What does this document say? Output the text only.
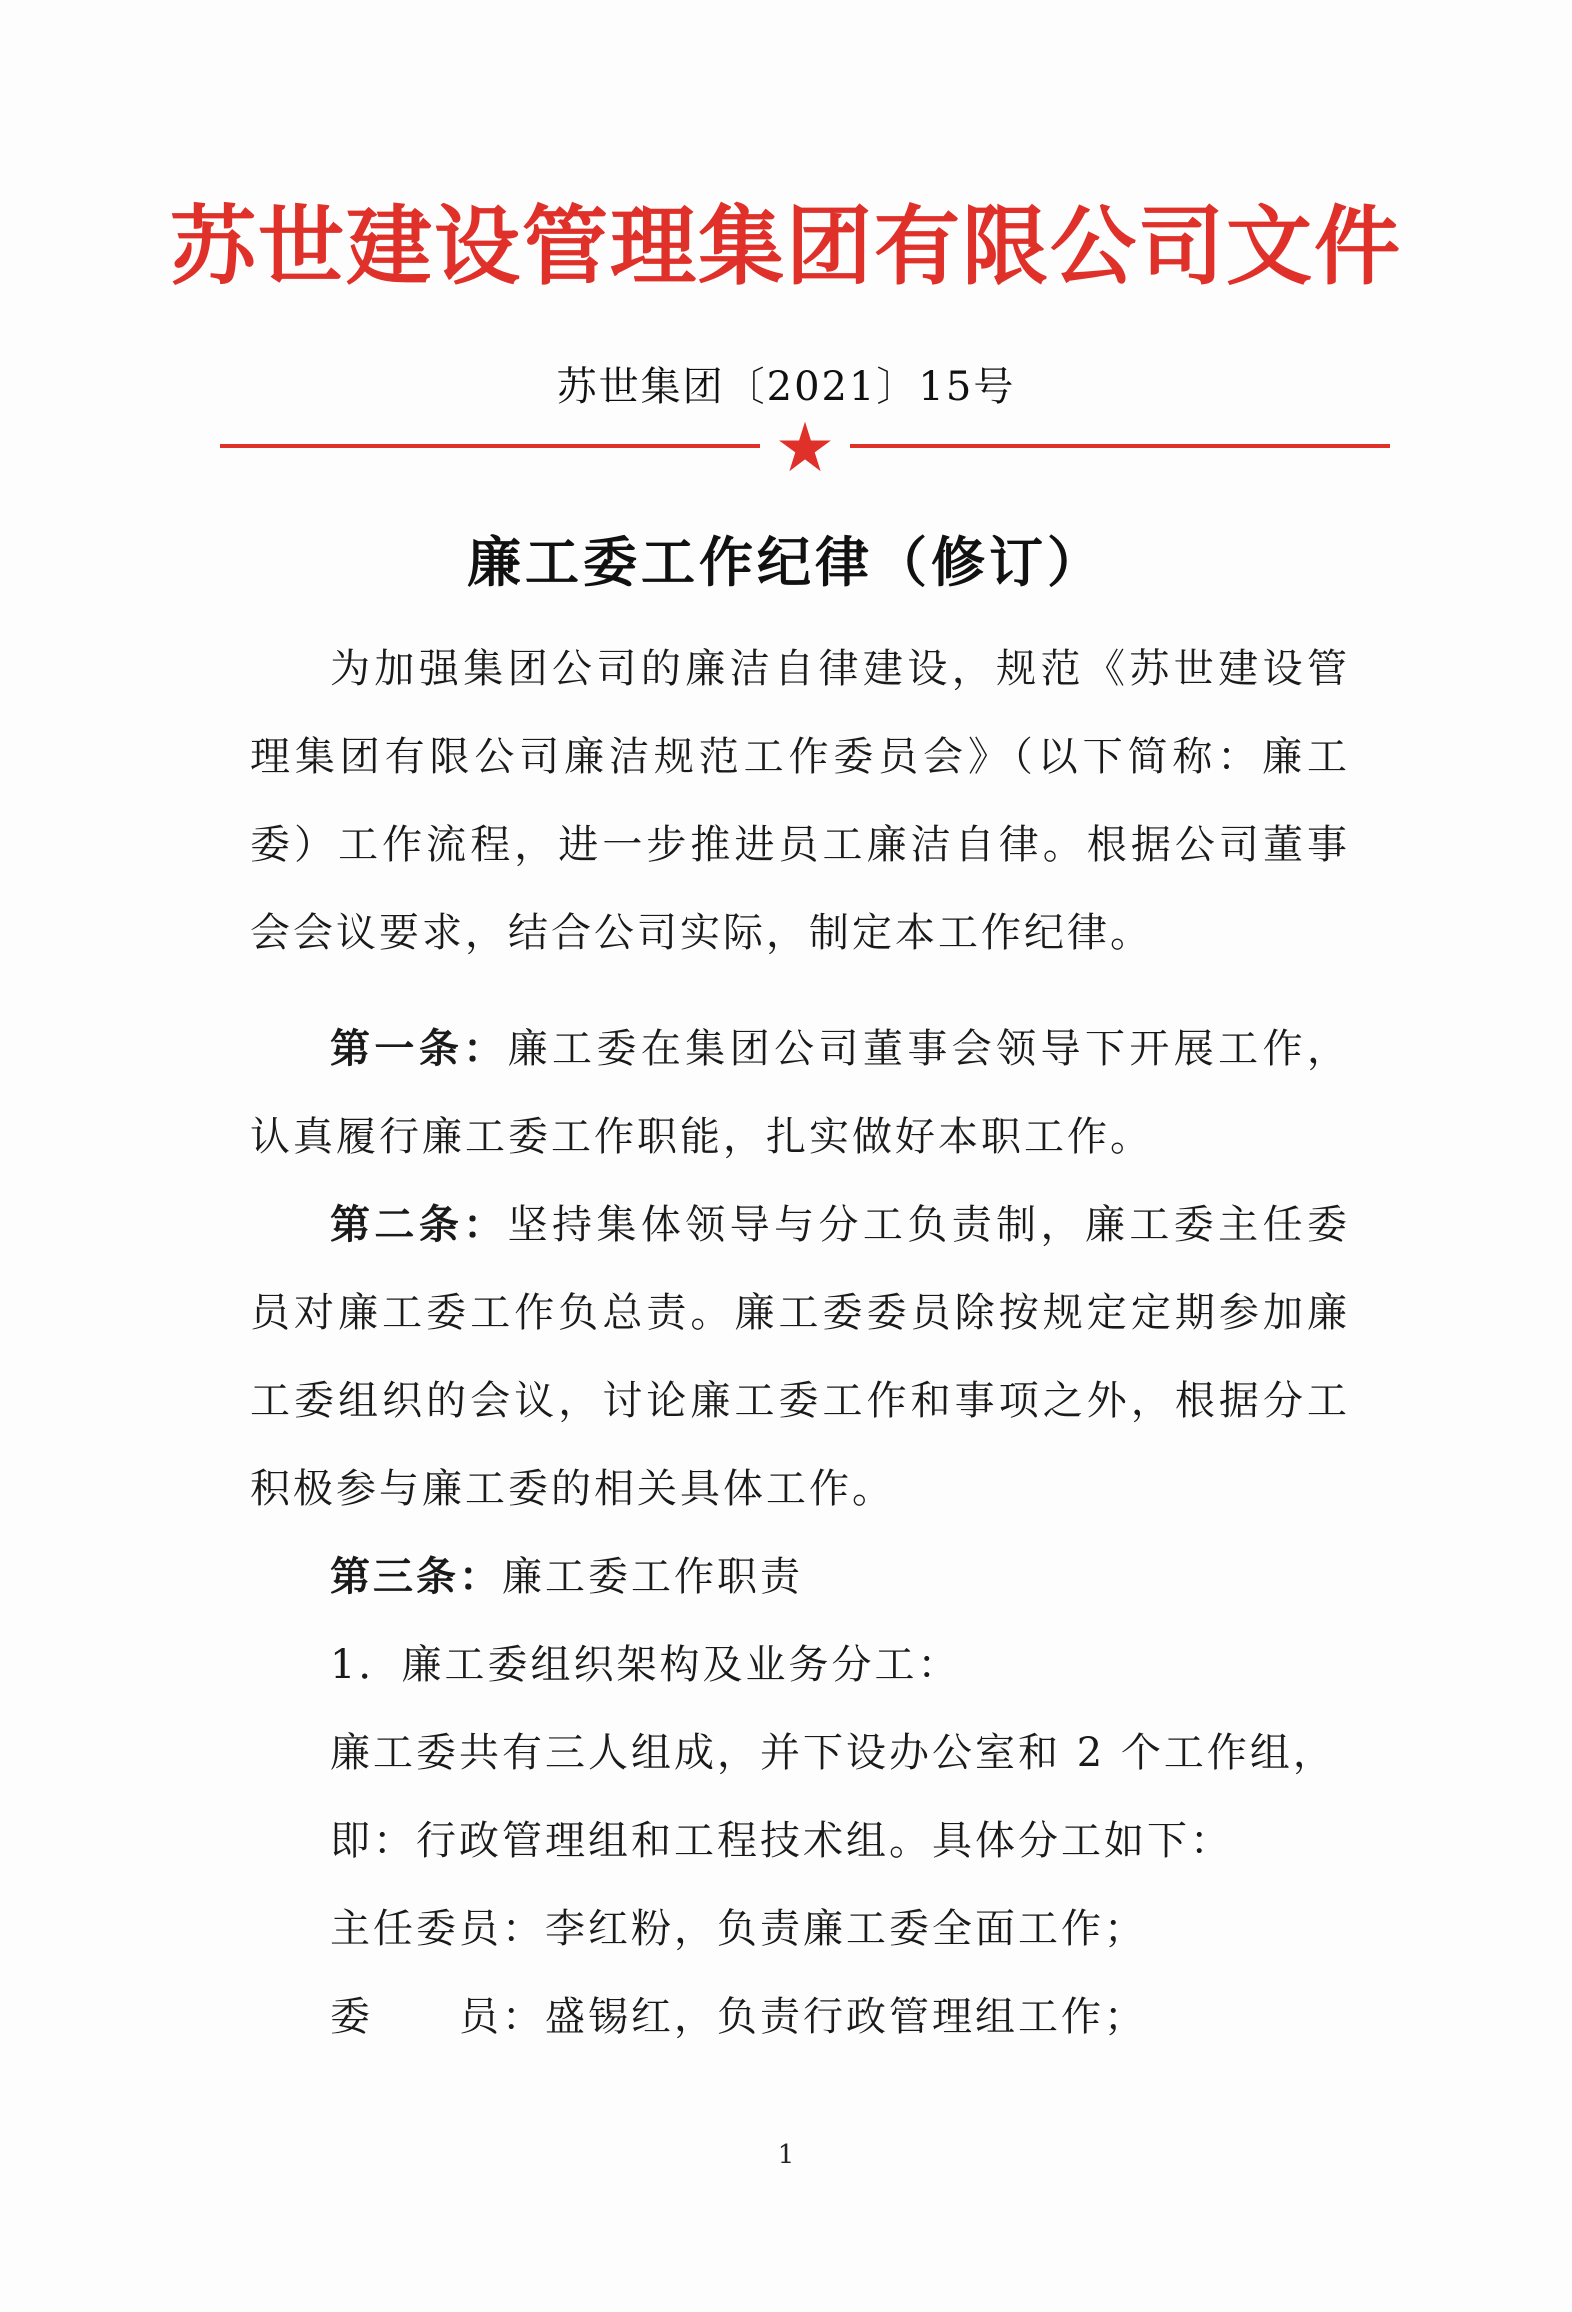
苏世建设管理集团有限公司文件
苏世集团〔2021〕15号
廉工委工作纪律（修订）

为加强集团公司的廉洁自律建设，规范《苏世建设管理集团有限公司廉洁规范工作委员会》（以下简称：廉工委）工作流程，进一步推进员工廉洁自律。根据公司董事会会议要求，结合公司实际，制定本工作纪律。

第一条：廉工委在集团公司董事会领导下开展工作，认真履行廉工委工作职能，扎实做好本职工作。

第二条：坚持集体领导与分工负责制，廉工委主任委员对廉工委工作负总责。廉工委委员除按规定定期参加廉工委组织的会议，讨论廉工委工作和事项之外，根据分工积极参与廉工委的相关具体工作。

第三条：廉工委工作职责

1．廉工委组织架构及业务分工：

廉工委共有三人组成，并下设办公室和 2 个工作组，

即：行政管理组和工程技术组。具体分工如下：

主任委员：李红粉，负责廉工委全面工作；

委　　员：盛锡红，负责行政管理组工作；

1
